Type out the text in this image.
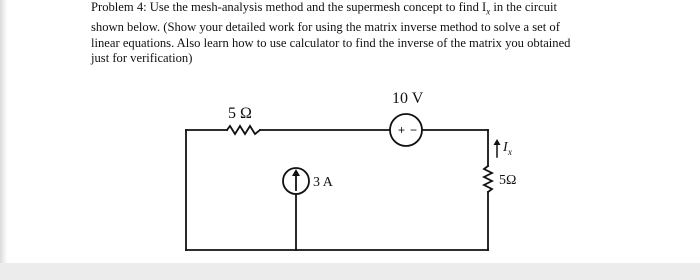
Problem 4: Use the mesh-analysis method and the supermesh concept to find $I_x$ in the circuit
shown below. (Show your detailed work for using the matrix inverse method to solve a set of
linear equations. Also learn how to use calculator to find the inverse of the matrix you obtained
just for verification)
+ −
5 Ω
10 V
3 A	5Ω
I x
